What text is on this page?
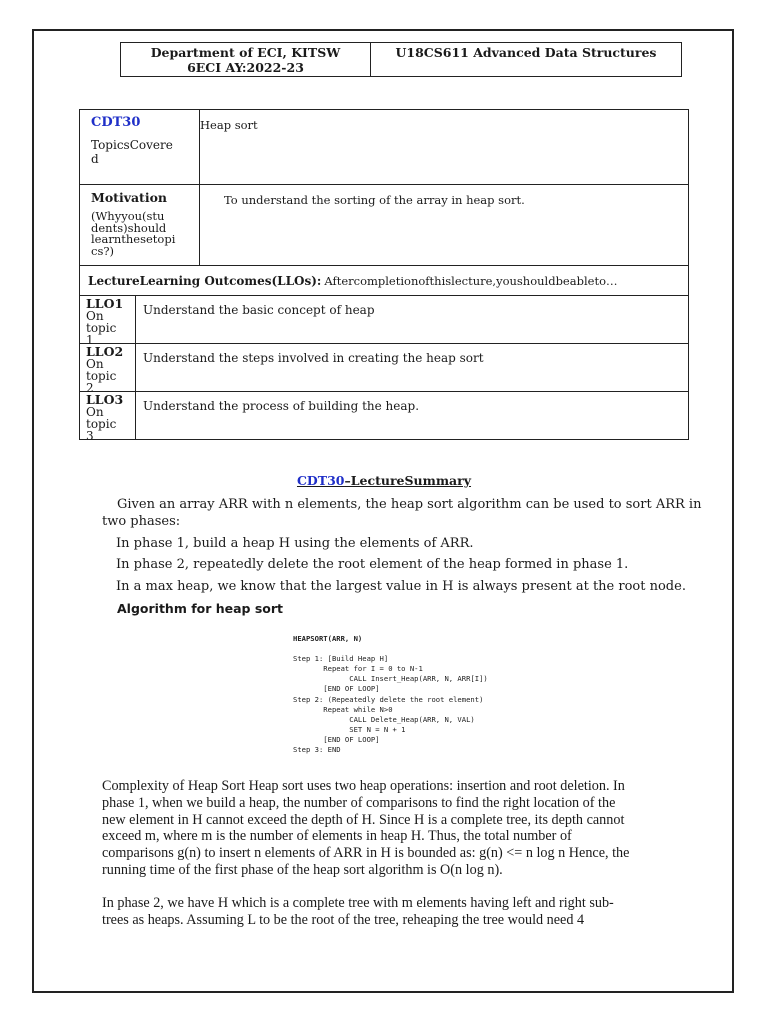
Department of ECI, KITSW
6ECI AY:2022-23
U18CS611 Advanced Data Structures
CDT30
TopicsCovere
d
Heap sort
Motivation
(Whyyou(stu
dents)should
learnthesetopi
cs?)
To understand the sorting of the array in heap sort.
LectureLearning Outcomes(LLOs): Aftercompletionofthislecture,youshouldbeableto…
LLO1
On
topic
1
Understand the basic concept of heap
LLO2
On
topic
2
Understand the steps involved in creating the heap sort
LLO3
On
topic
3
Understand the process of building the heap.
CDT30–LectureSummary
Given an array ARR with n elements, the heap sort algorithm can be used to sort ARR in
two phases:
In phase 1, build a heap H using the elements of ARR.
In phase 2, repeatedly delete the root element of the heap formed in phase 1.
In a max heap, we know that the largest value in H is always present at the root node.
Algorithm for heap sort

HEAPSORT(ARR, N)
Step 1: [Build Heap H]
Repeat for I = 0 to N-1
CALL Insert_Heap(ARR, N, ARR[I])
[END OF LOOP]
Step 2: (Repeatedly delete the root element)
Repeat while N>0
CALL Delete_Heap(ARR, N, VAL)
SET N = N + 1
[END OF LOOP]
Step 3: END

Complexity of Heap Sort Heap sort uses two heap operations: insertion and root deletion. In
phase 1, when we build a heap, the number of comparisons to find the right location of the
new element in H cannot exceed the depth of H. Since H is a complete tree, its depth cannot
exceed m, where m is the number of elements in heap H. Thus, the total number of
comparisons g(n) to insert n elements of ARR in H is bounded as: g(n) <= n log n Hence, the
running time of the first phase of the heap sort algorithm is O(n log n).
In phase 2, we have H which is a complete tree with m elements having left and right sub-
trees as heaps. Assuming L to be the root of the tree, reheaping the tree would need 4
